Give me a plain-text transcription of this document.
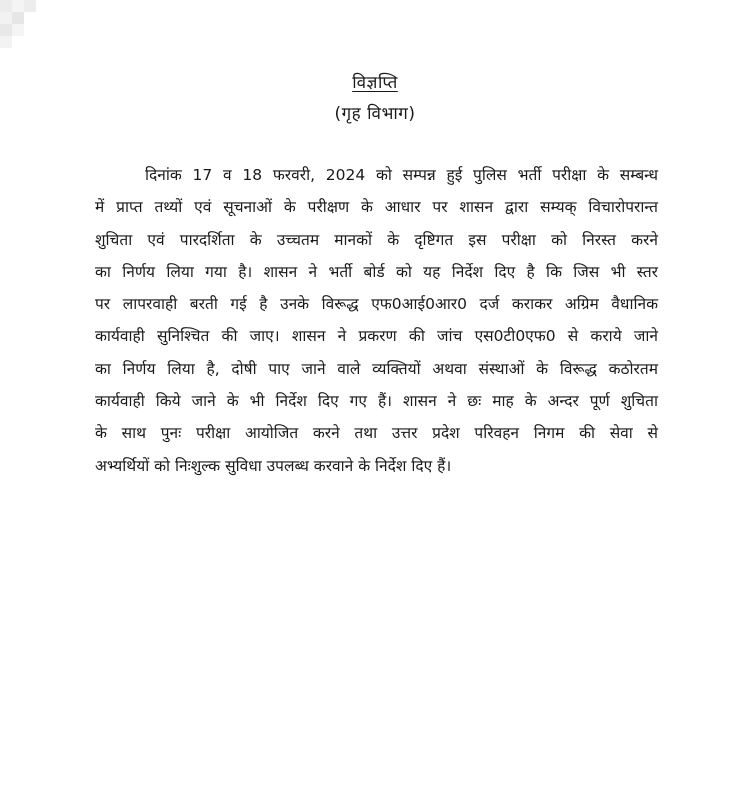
विज्ञप्ति
(गृह विभाग)
दिनांक 17 व 18 फरवरी, 2024 को सम्पन्न हुई पुलिस भर्ती परीक्षा के सम्बन्ध
में प्राप्त तथ्यों एवं सूचनाओं के परीक्षण के आधार पर शासन द्वारा सम्यक् विचारोपरान्त
शुचिता एवं पारदर्शिता के उच्चतम मानकों के दृष्टिगत इस परीक्षा को निरस्त करने
का निर्णय लिया गया है। शासन ने भर्ती बोर्ड को यह निर्देश दिए है कि जिस भी स्तर
पर लापरवाही बरती गई है उनके विरूद्ध एफ0आई0आर0 दर्ज कराकर अग्रिम वैधानिक
कार्यवाही सुनिश्चित की जाए। शासन ने प्रकरण की जांच एस0टी0एफ0 से कराये जाने
का निर्णय लिया है, दोषी पाए जाने वाले व्यक्तियों अथवा संस्थाओं के विरूद्ध कठोरतम
कार्यवाही किये जाने के भी निर्देश दिए गए हैं। शासन ने छः माह के अन्दर पूर्ण शुचिता
के साथ पुनः परीक्षा आयोजित करने तथा उत्तर प्रदेश परिवहन निगम की सेवा से
अभ्यर्थियों को निःशुल्क सुविधा उपलब्ध करवाने के निर्देश दिए हैं।
